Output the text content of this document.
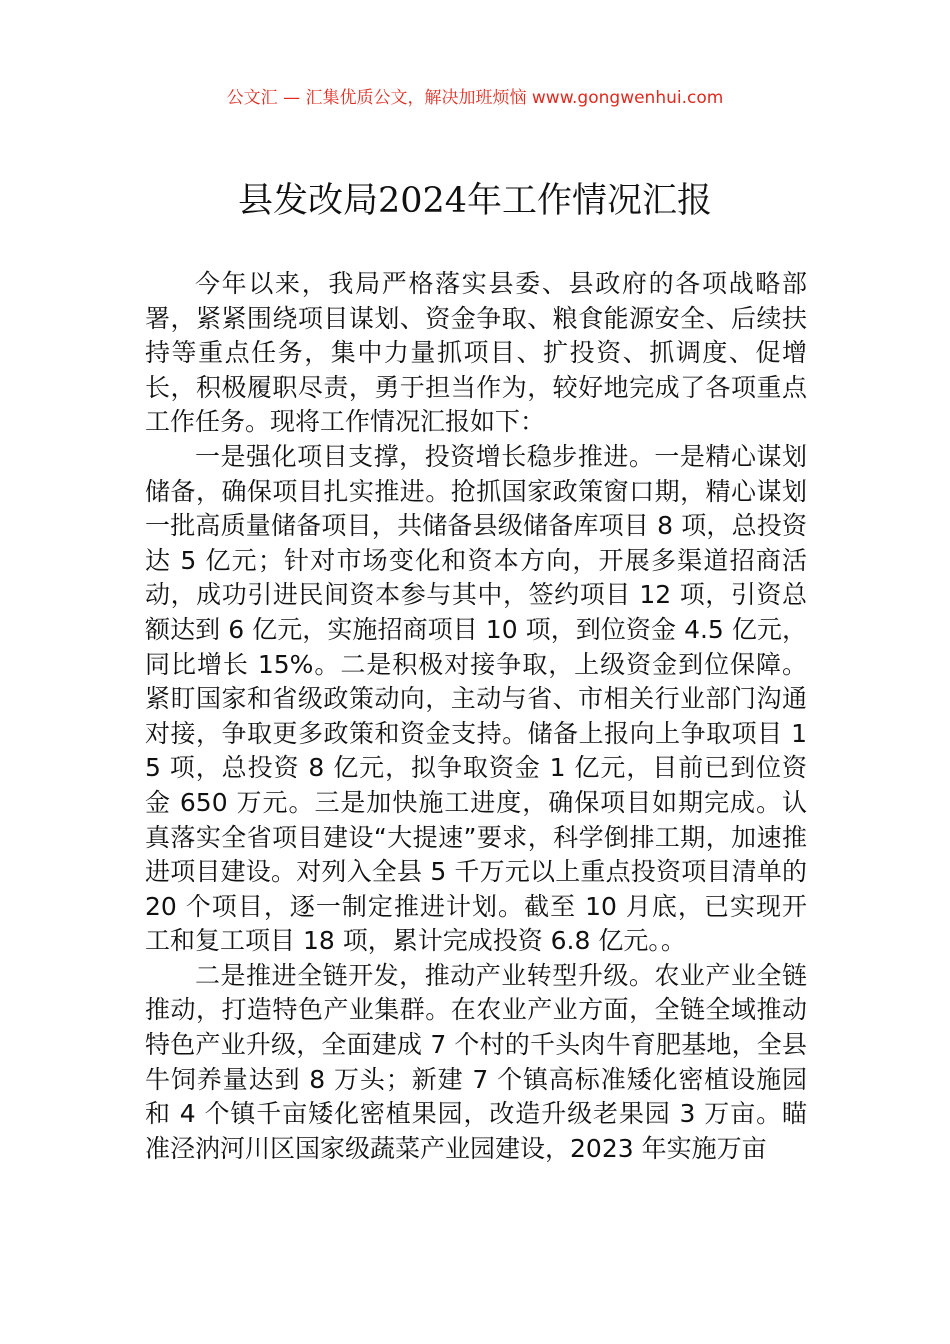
公文汇 — 汇集优质公文，解决加班烦恼 www.gongwenhui.com
县发改局2024年工作情况汇报

今年以来，我局严格落实县委、县政府的各项战略部署，紧紧围绕项目谋划、资金争取、粮食能源安全、后续扶持等重点任务，集中力量抓项目、扩投资、抓调度、促增长，积极履职尽责，勇于担当作为，较好地完成了各项重点工作任务。现将工作情况汇报如下：

一是强化项目支撑，投资增长稳步推进。一是精心谋划储备，确保项目扎实推进。抢抓国家政策窗口期，精心谋划一批高质量储备项目，共储备县级储备库项目 8 项，总投资达 5 亿元；针对市场变化和资本方向，开展多渠道招商活动，成功引进民间资本参与其中，签约项目 12 项，引资总额达到 6 亿元，实施招商项目 10 项，到位资金 4.5 亿元，同比增长 15%。二是积极对接争取，上级资金到位保障。紧盯国家和省级政策动向，主动与省、市相关行业部门沟通对接，争取更多政策和资金支持。储备上报向上争取项目 15 项，总投资 8 亿元，拟争取资金 1 亿元，目前已到位资金 650 万元。三是加快施工进度，确保项目如期完成。认真落实全省项目建设“大提速”要求，科学倒排工期，加速推进项目建设。对列入全县 5 千万元以上重点投资项目清单的 20 个项目，逐一制定推进计划。截至 10 月底，已实现开工和复工项目 18 项，累计完成投资 6.8 亿元。。

二是推进全链开发，推动产业转型升级。农业产业全链推动，打造特色产业集群。在农业产业方面，全链全域推动特色产业升级，全面建成 7 个村的千头肉牛育肥基地，全县牛饲养量达到 8 万头；新建 7 个镇高标准矮化密植设施园和 4 个镇千亩矮化密植果园，改造升级老果园 3 万亩。瞄准泾汭河川区国家级蔬菜产业园建设，2023 年实施万亩
